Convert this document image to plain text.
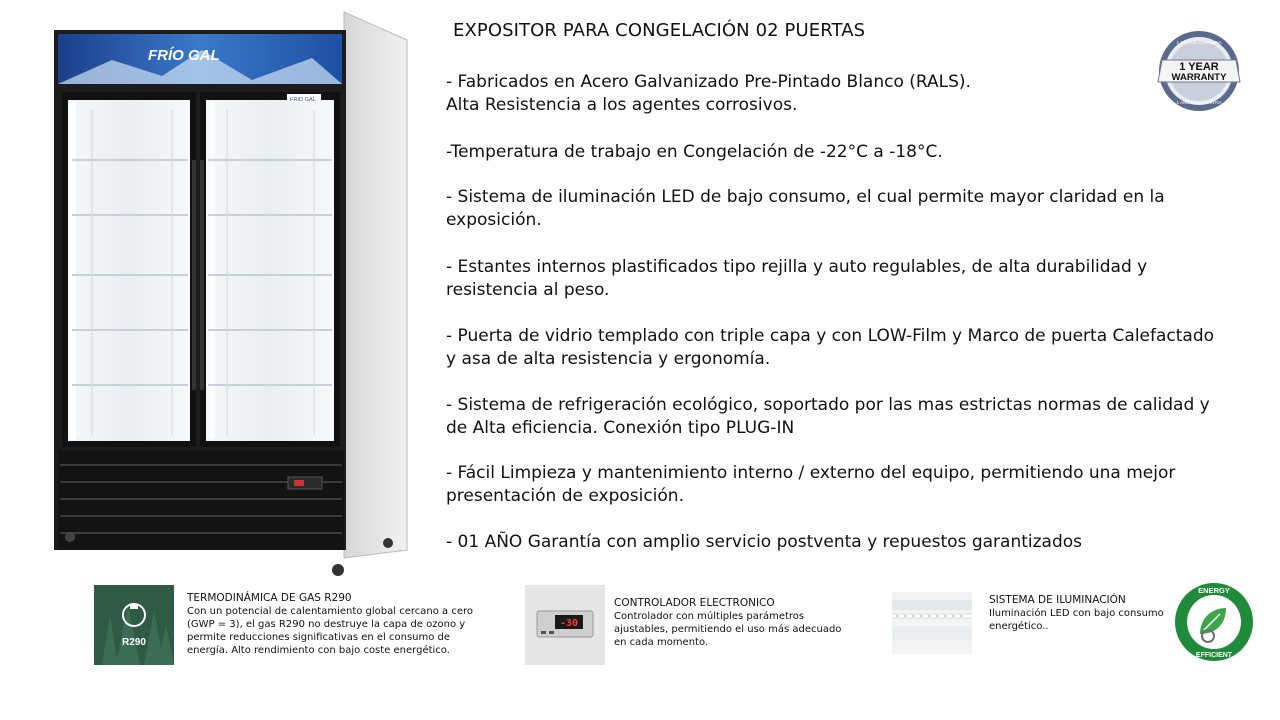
FRÍO GAL
FRIO GAL
EXPOSITOR PARA CONGELACIÓN 02 PUERTAS
- Fabricados en Acero Galvanizado Pre-Pintado Blanco (RALS).
Alta Resistencia a los agentes corrosivos.
-Temperatura de trabajo en Congelación de -22°C a -18°C.
- Sistema de iluminación LED de bajo consumo, el cual permite mayor claridad en la
exposición.
- Estantes internos plastificados tipo rejilla y auto regulables, de alta durabilidad y
resistencia al peso.
- Puerta de vidrio templado con triple capa y con LOW-Film y Marco de puerta Calefactado
y asa de alta resistencia y ergonomía.
- Sistema de refrigeración ecológico, soportado por las mas estrictas normas de calidad y
de Alta eficiencia. Conexión tipo PLUG-IN
- Fácil Limpieza y mantenimiento interno / externo del equipo, permitiendo una mejor
presentación de exposición.
- 01 AÑO Garantía con amplio servicio postventa y repuestos garantizados
1 YEAR
WARRANTY
1 AÑO DE GARANTIA
1 AÑO DE GARANTIA
R290
TERMODINÁMICA DE GAS R290
Con un potencial de calentamiento global cercano a cero
(GWP = 3), el gas R290 no destruye la capa de ozono y
permite reducciones significativas en el consumo de
energía. Alto rendimiento con bajo coste energético.
-30
CONTROLADOR ELECTRONICO
Controlador con múltiples parámetros
ajustables, permitiendo el uso más adecuado
en cada momento.
SISTEMA DE ILUMINACIÓN
Iluminación LED con bajo consumo
energético..
ENERGY
EFFICIENT
